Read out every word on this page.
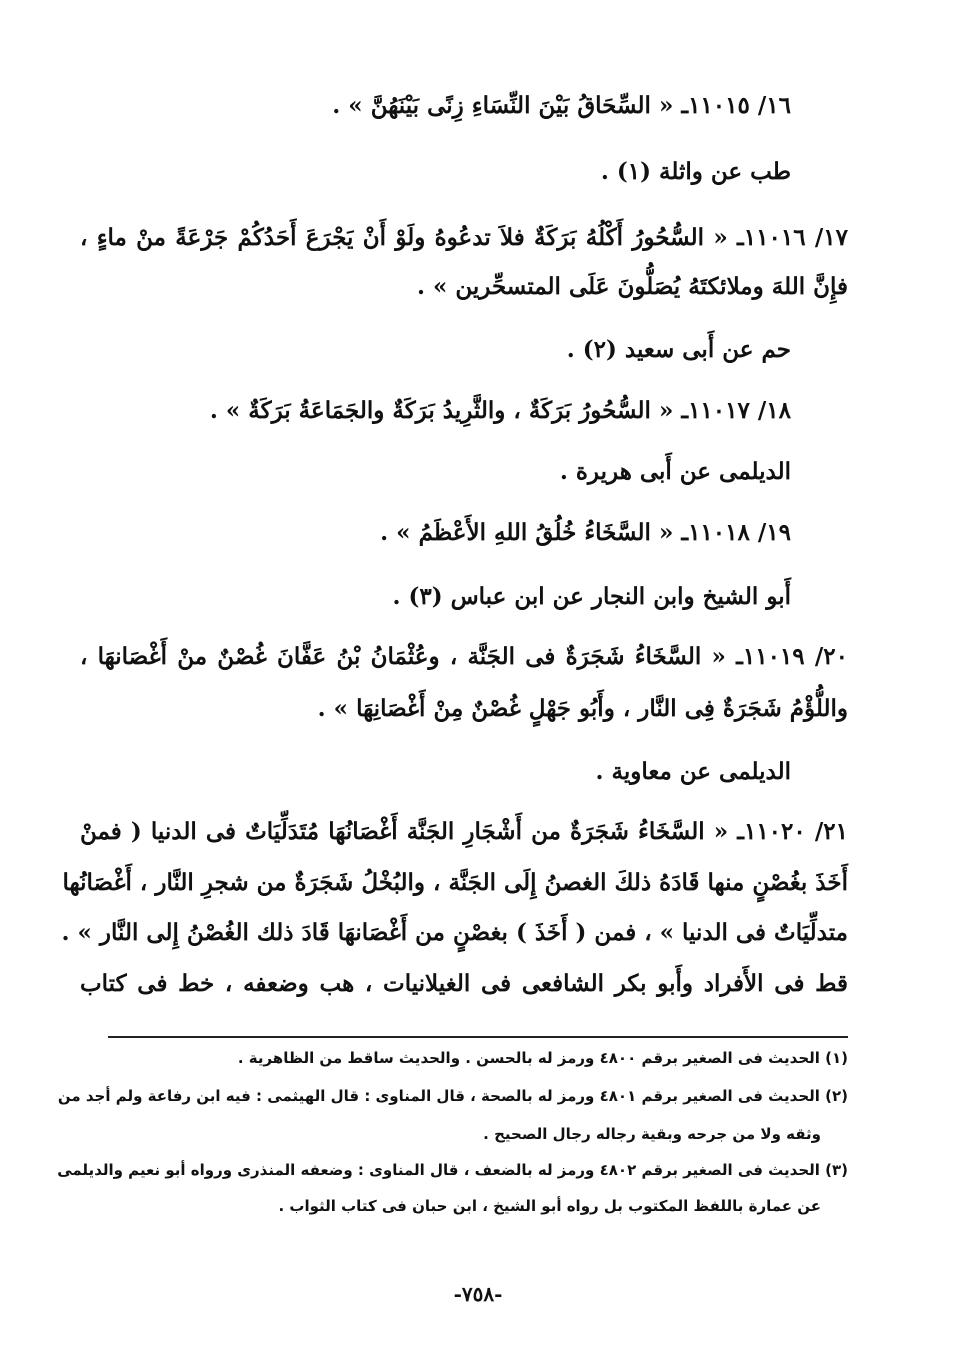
١٦/ ١١٠١٥ـ « السِّحَاقُ بَيْنَ النِّسَاءِ زِنًى بَيْنَهُنَّ » .
طب عن واثلة (١) .
١٧/ ١١٠١٦ـ « السُّحُورُ أَكْلُهُ بَرَكَةٌ فلاَ تدعُوهُ ولَوْ أَنْ يَجْرَعَ أَحَدُكُمْ جَرْعَةً منْ ماءٍ ،
فإِنَّ اللهَ وملائكتَهُ يُصَلُّونَ عَلَى المتسحِّرين » .
حم عن أَبى سعيد (٢) .
١٨/ ١١٠١٧ـ « السُّحُورُ بَرَكَةٌ ، والثَّرِيدُ بَرَكَةٌ والجَمَاعَةُ بَرَكَةٌ » .
الديلمى عن أَبى هريرة .
١٩/ ١١٠١٨ـ « السَّخَاءُ خُلُقُ اللهِ الأَعْظَمُ » .
أَبو الشيخ وابن النجار عن ابن عباس (٣) .
٢٠/ ١١٠١٩ـ « السَّخَاءُ شَجَرَةٌ فى الجَنَّة ، وعُثْمَانُ بْنُ عَفَّانَ غُصْنٌ منْ أَغْصَانهَا ،
واللُّؤْمُ شَجَرَةٌ فِى النَّار ، وأَبُو جَهْلٍ غُصْنٌ مِنْ أَغْصَانِهَا » .
الديلمى عن معاوية .
٢١/ ١١٠٢٠ـ « السَّخَاءُ شَجَرَةٌ من أَشْجَارِ الجَنَّة أَغْصَانُهَا مُتَدَلِّيَاتٌ فى الدنيا ( فمنْ
أَخَذَ بغُصْنٍ منها قَادَهُ ذلكَ الغصنُ إِلَى الجَنَّة ، والبُخْلُ شَجَرَةٌ من شجرِ النَّار ، أَغْصَانُها
متدلِّيَاتٌ فى الدنيا » ، فمن ( أَخَذَ ) بغصْنٍ من أَغْصَانهَا قَادَ ذلك الغُصْنُ إِلى النَّار » .
قط فى الأَفراد وأَبو بكر الشافعى فى الغيلانيات ، هب وضعفه ، خط فى كتاب
(١) الحديث فى الصغير برقم ٤٨٠٠ ورمز له بالحسن . والحديث ساقط من الظاهرية .
(٢) الحديث فى الصغير برقم ٤٨٠١ ورمز له بالصحة ، قال المناوى : قال الهيثمى : فيه ابن رفاعة ولم أجد من
وثقه ولا من جرحه وبقية رجاله رجال الصحيح .
(٣) الحديث فى الصغير برقم ٤٨٠٢ ورمز له بالضعف ، قال المناوى : وضعفه المنذرى ورواه أبو نعيم والديلمى
عن عمارة باللفظ المكتوب بل رواه أبو الشيخ ، ابن حبان فى كتاب الثواب .
-٧٥٨-
